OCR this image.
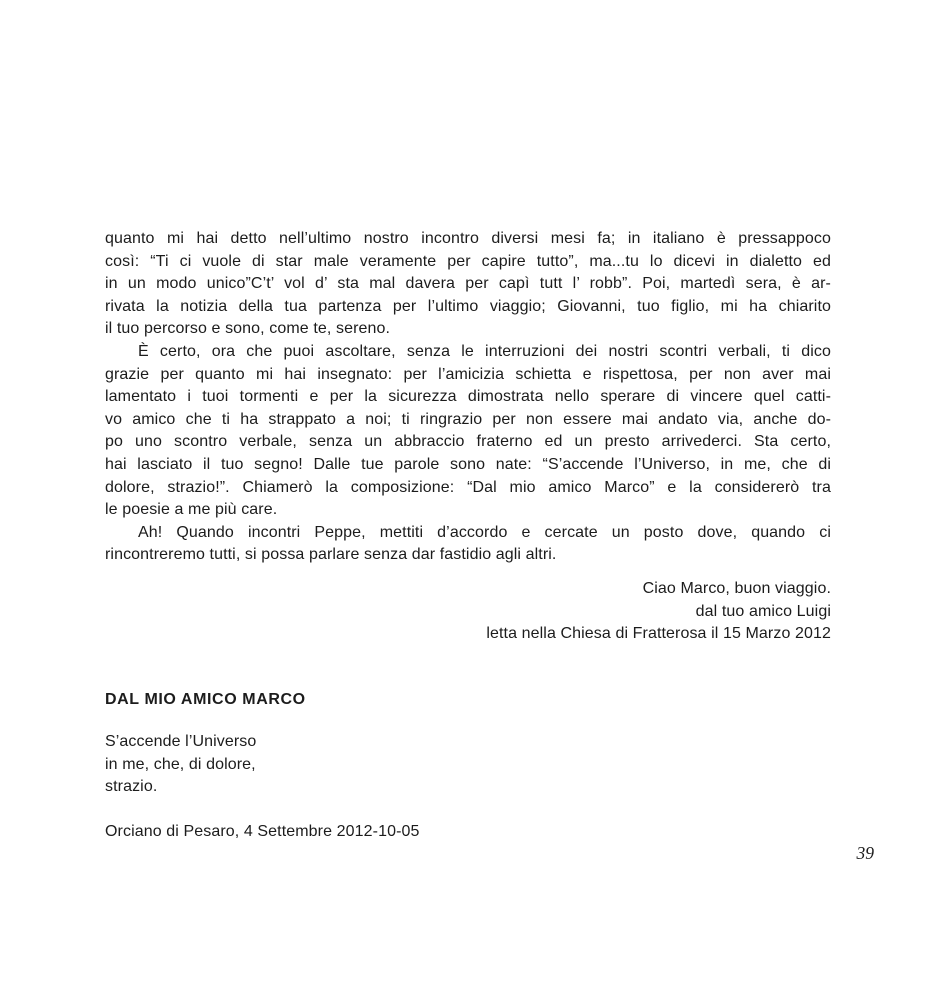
quanto mi hai detto nell’ultimo nostro incontro diversi mesi fa; in italiano è pressappoco
così: “Ti ci vuole di star male veramente per capire tutto”, ma...tu lo dicevi in dialetto ed
in un modo unico”C’t’ vol d’ sta mal davera per capì tutt l’ robb”. Poi, martedì sera, è ar-
rivata la notizia della tua partenza per l’ultimo viaggio; Giovanni, tuo figlio, mi ha chiarito
il tuo percorso e sono, come te, sereno.
È certo, ora che puoi ascoltare, senza le interruzioni dei nostri scontri verbali, ti dico
grazie per quanto mi hai insegnato: per l’amicizia schietta e rispettosa, per non aver mai
lamentato i tuoi tormenti e per la sicurezza dimostrata nello sperare di vincere quel catti-
vo amico che ti ha strappato a noi; ti ringrazio per non essere mai andato via, anche do-
po uno scontro verbale, senza un abbraccio fraterno ed un presto arrivederci. Sta certo,
hai lasciato il tuo segno! Dalle tue parole sono nate: “S’accende l’Universo, in me, che di
dolore, strazio!”. Chiamerò la composizione: “Dal mio amico Marco” e la considererò tra
le poesie a me più care.
Ah! Quando incontri Peppe, mettiti d’accordo e cercate un posto dove, quando ci
rincontreremo tutti, si possa parlare senza dar fastidio agli altri.
Ciao Marco, buon viaggio.
dal tuo amico Luigi
letta nella Chiesa di Fratterosa il 15 Marzo 2012
DAL MIO AMICO MARCO
S’accende l’Universo
in me, che, di dolore,
strazio.
Orciano di Pesaro, 4 Settembre 2012-10-05
39
